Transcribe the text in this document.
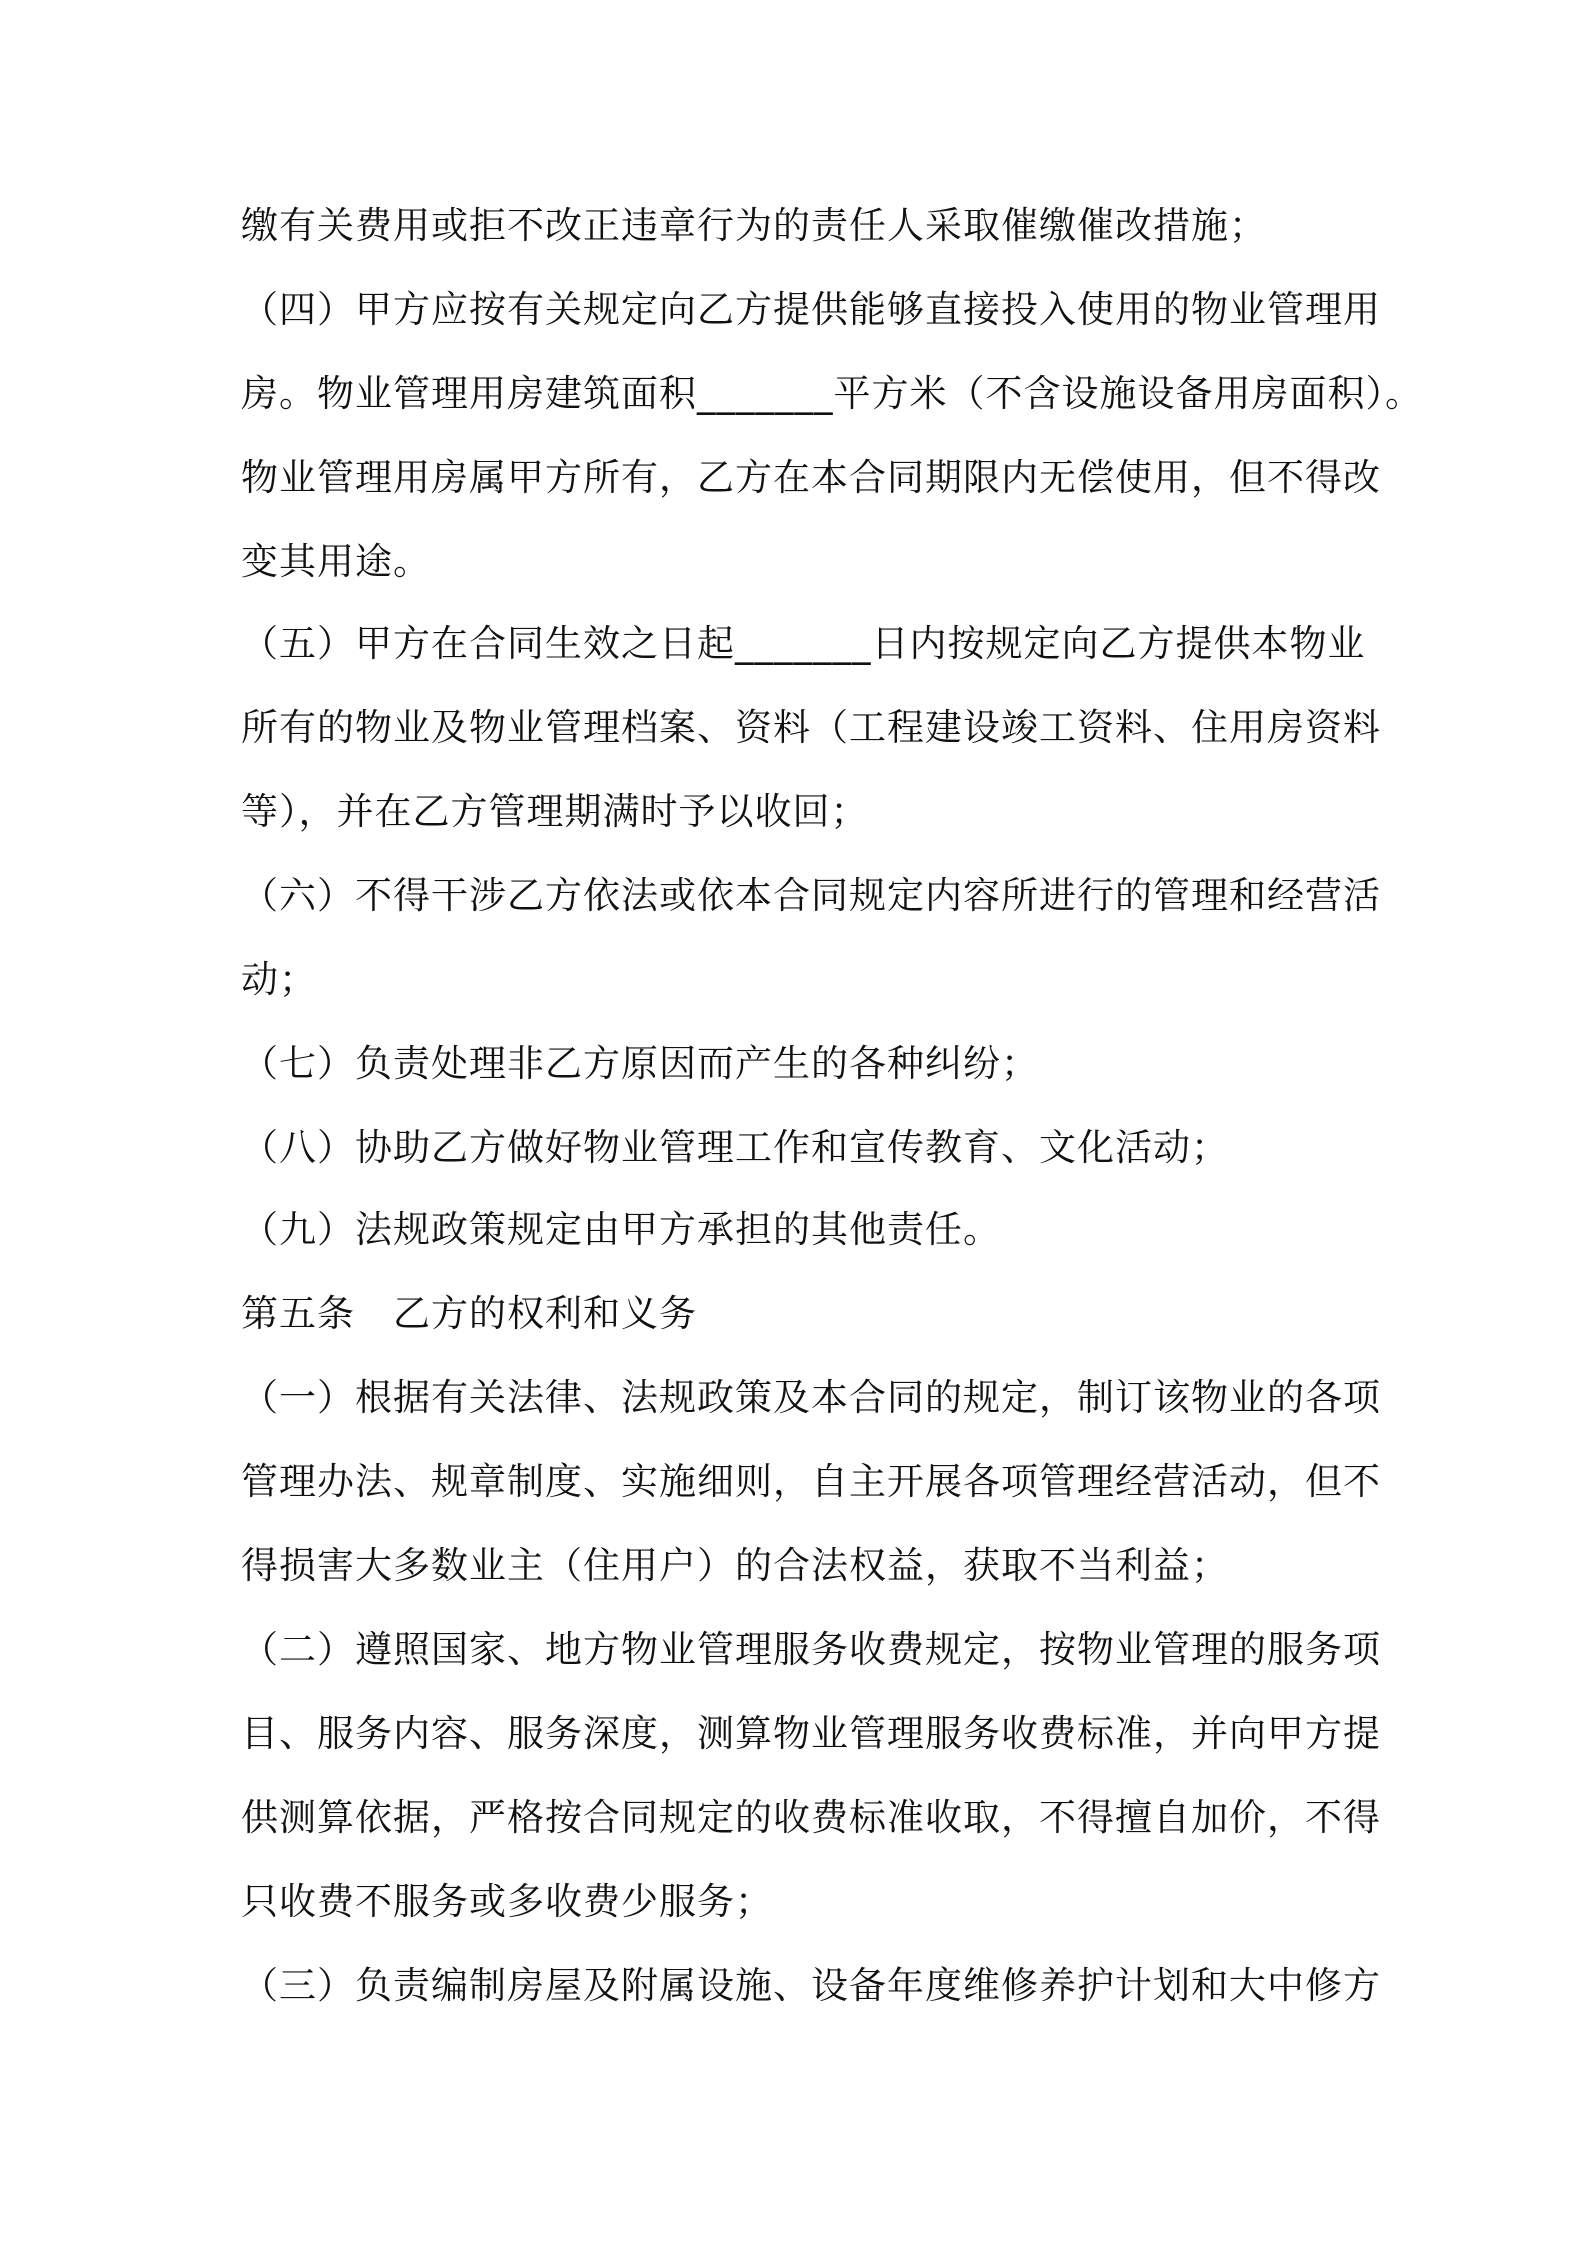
缴有关费用或拒不改正违章行为的责任人采取催缴催改措施；
（四）甲方应按有关规定向乙方提供能够直接投入使用的物业管理用
房。物业管理用房建筑面积_______平方米（不含设施设备用房面积）。
物业管理用房属甲方所有，乙方在本合同期限内无偿使用，但不得改
变其用途。
（五）甲方在合同生效之日起_______日内按规定向乙方提供本物业
所有的物业及物业管理档案、资料（工程建设竣工资料、住用房资料
等），并在乙方管理期满时予以收回；
（六）不得干涉乙方依法或依本合同规定内容所进行的管理和经营活
动；
（七）负责处理非乙方原因而产生的各种纠纷；
（八）协助乙方做好物业管理工作和宣传教育、文化活动；
（九）法规政策规定由甲方承担的其他责任。
第五条　乙方的权利和义务
（一）根据有关法律、法规政策及本合同的规定，制订该物业的各项
管理办法、规章制度、实施细则，自主开展各项管理经营活动，但不
得损害大多数业主（住用户）的合法权益，获取不当利益；
（二）遵照国家、地方物业管理服务收费规定，按物业管理的服务项
目、服务内容、服务深度，测算物业管理服务收费标准，并向甲方提
供测算依据，严格按合同规定的收费标准收取，不得擅自加价，不得
只收费不服务或多收费少服务；
（三）负责编制房屋及附属设施、设备年度维修养护计划和大中修方
